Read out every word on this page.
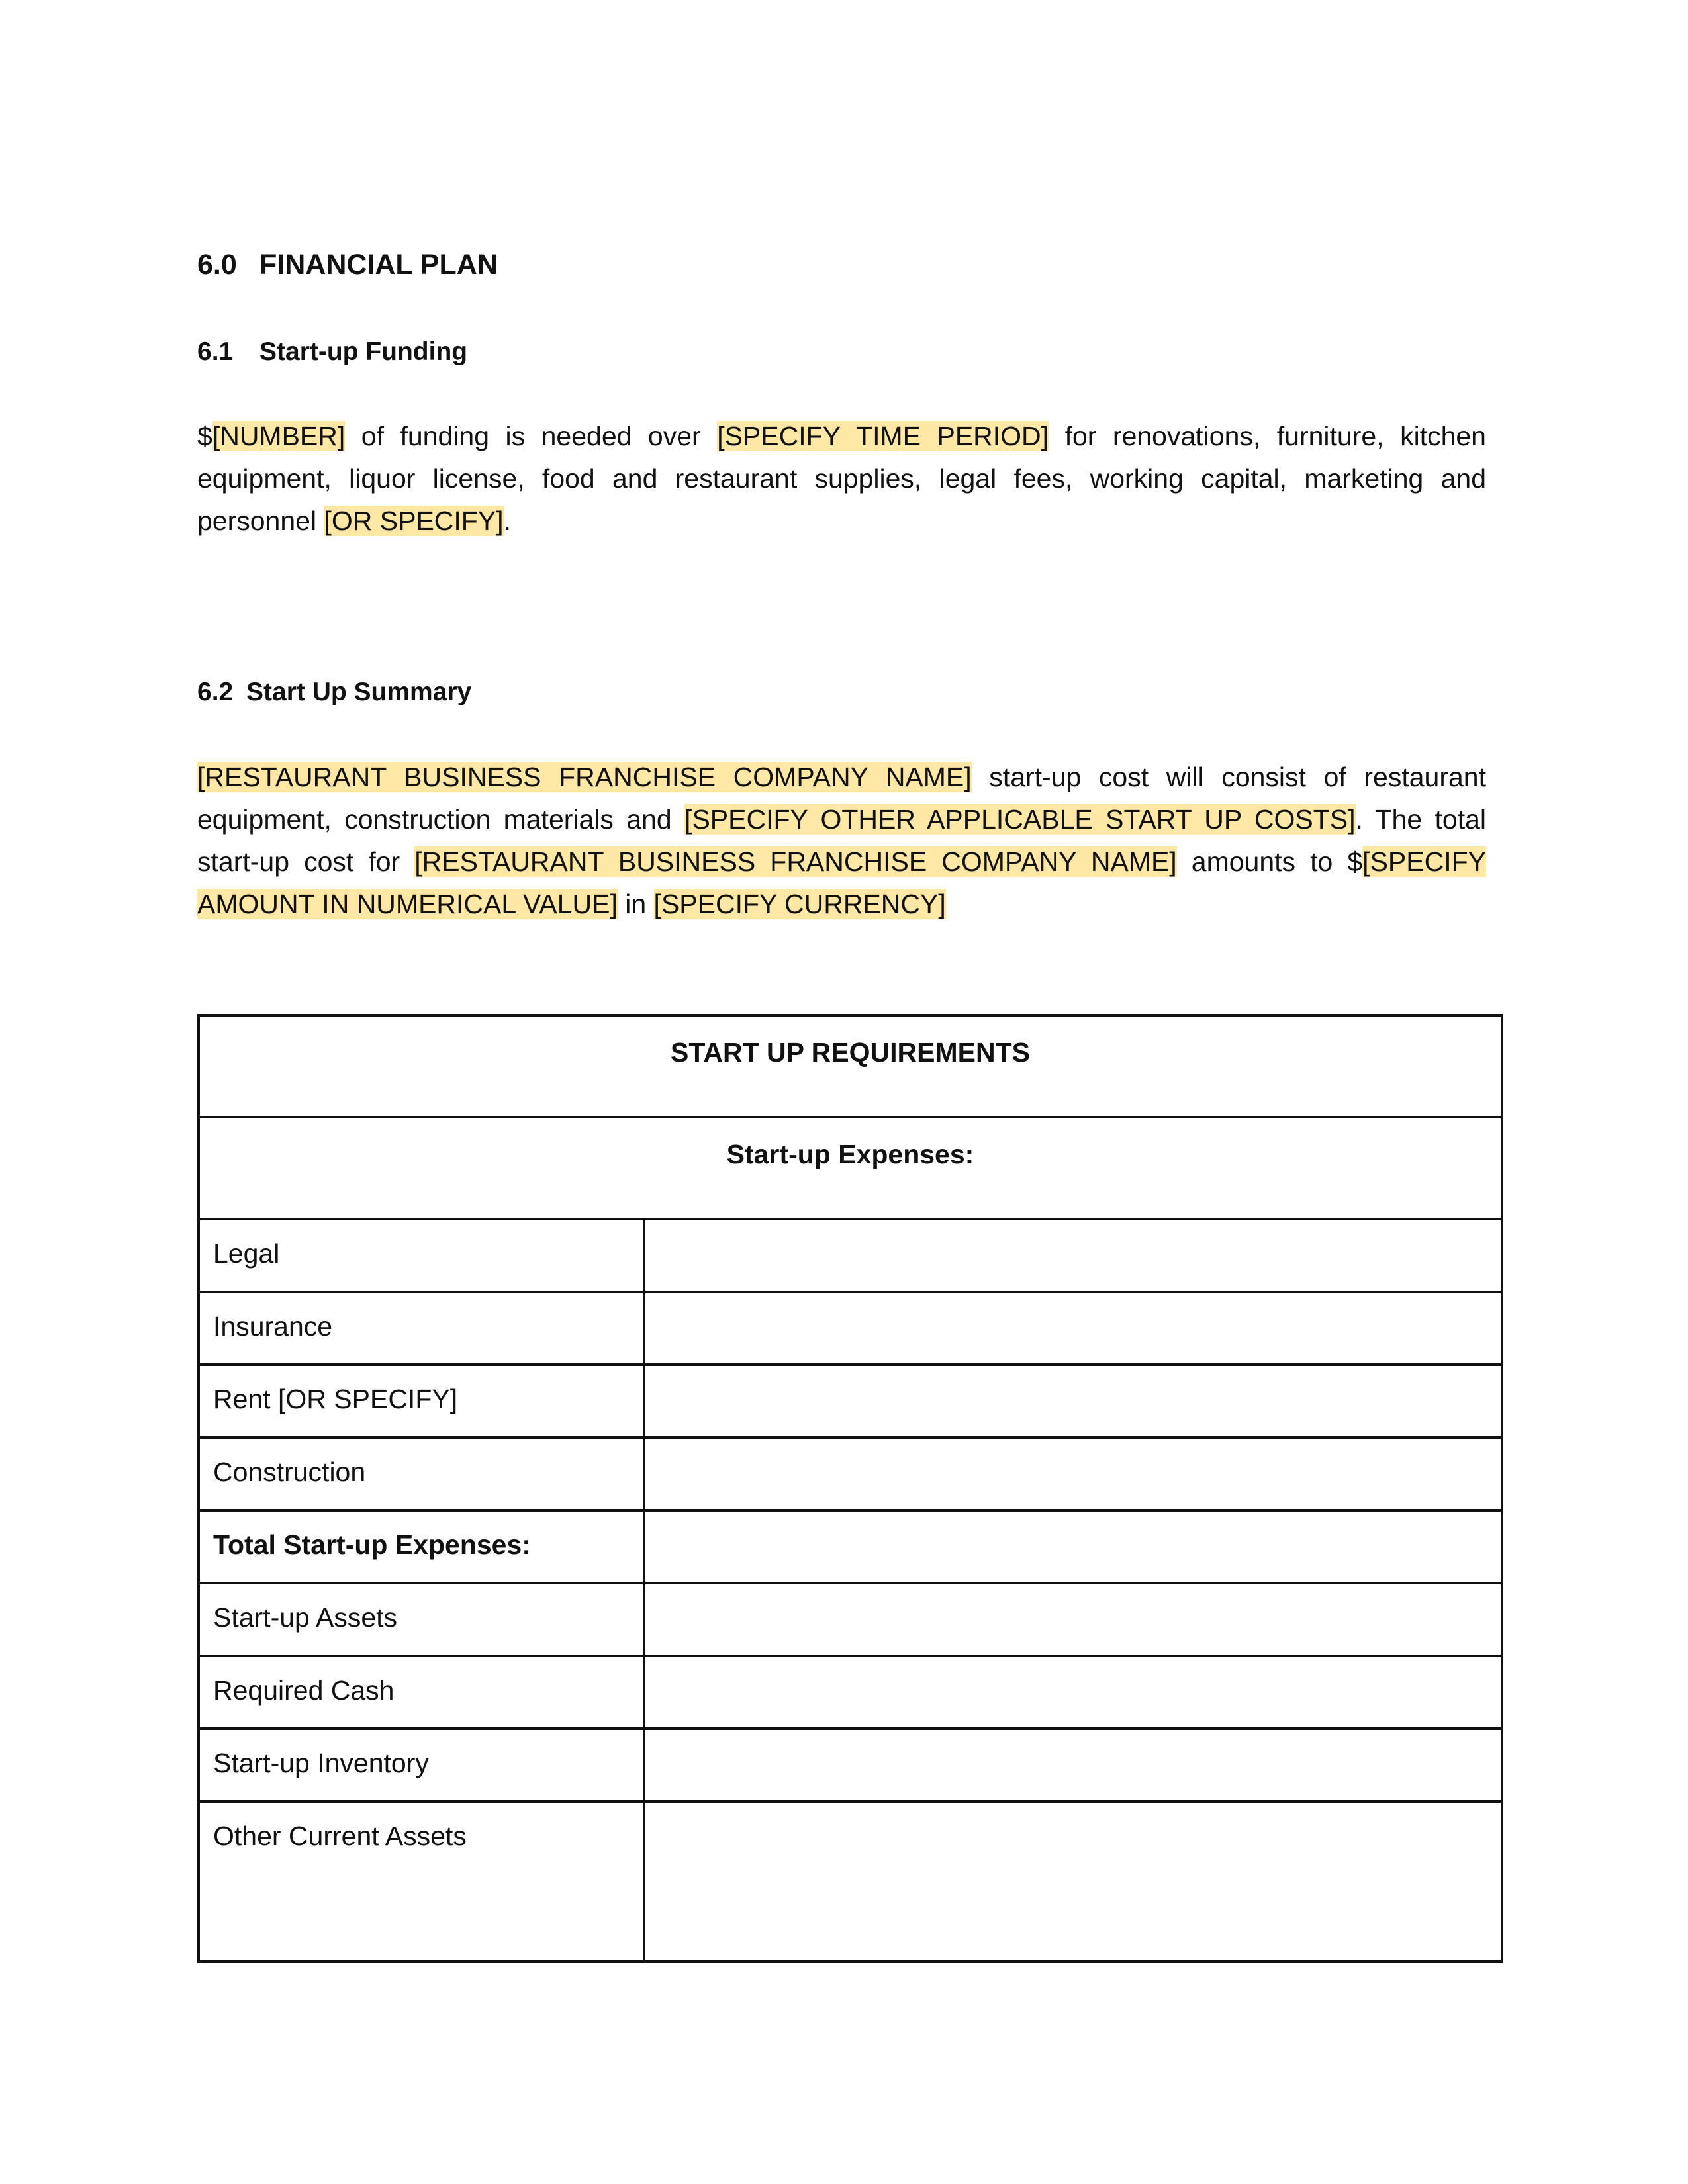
6.0 FINANCIAL PLAN
6.1 Start-up Funding

$[NUMBER] of funding is needed over [SPECIFY TIME PERIOD] for renovations, furniture, kitchen equipment, liquor license, food and restaurant supplies, legal fees, working capital, marketing and personnel [OR SPECIFY].

6.2 Start Up Summary

[RESTAURANT BUSINESS FRANCHISE COMPANY NAME] start-up cost will consist of restaurant equipment, construction materials and [SPECIFY OTHER APPLICABLE START UP COSTS]. The total start-up cost for [RESTAURANT BUSINESS FRANCHISE COMPANY NAME] amounts to $[SPECIFY AMOUNT IN NUMERICAL VALUE] in [SPECIFY CURRENCY]

START UP REQUIREMENTS	
Start-up Expenses:	
Legal	
Insurance	
Rent [OR SPECIFY]	
Construction	
Total Start-up Expenses:	
Start-up Assets	
Required Cash	
Start-up Inventory	
Other Current Assets	
